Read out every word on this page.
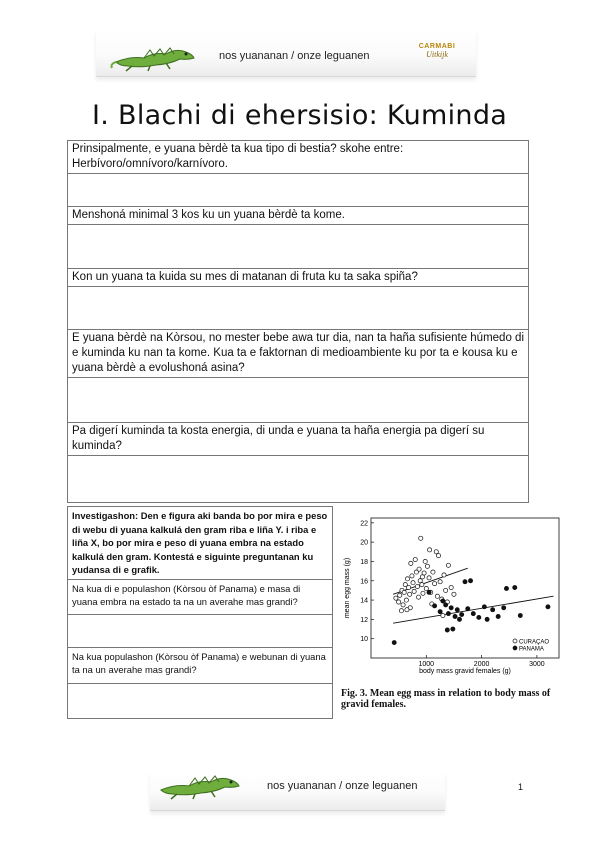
nos yuananan / onze leguanen
CARMABI
Uitkijk
I. Blachi di ehersisio: Kuminda
Prinsipalmente, e yuana bèrdè ta kua tipo di bestia? skohe entre: Herbívoro/omnívoro/karnívoro.

Menshoná minimal 3 kos ku un yuana bèrdè ta kome.

Kon un yuana ta kuida su mes di matanan di fruta ku ta saka spiña?

E yuana bèrdè na Kòrsou, no mester bebe awa tur dia, nan ta haña sufisiente húmedo di e kuminda ku nan ta kome. Kua ta e faktornan di medioambiente ku por ta e kousa ku e yuana bèrdè a evolushoná asina?

Pa digerí kuminda ta kosta energia, di unda e yuana ta haña energia pa digerí su kuminda?

Investigashon: Den e figura aki banda bo por mira e peso di webu di yuana kalkulá den gram riba e liña Y. i riba e liña X, bo por mira e peso di yuana embra na estado kalkulá den gram. Kontestá e siguinte preguntanan ku yudansa di e grafik.
Na kua di e populashon (Kòrsou òf Panama) e masa di yuana embra na estado ta na un averahe mas grandi?

Na kua populashon (Kòrsou òf Panama) e webunan di yuana ta na un averahe mas grandi?

10
12
14
16
18
20
22
1000	2000	3000
body mass gravid females (g)
mean egg mass (g)
CURAÇAO
PANAMA
Fig. 3. Mean egg mass in relation to body mass of gravid females.
nos yuananan / onze leguanen	1
